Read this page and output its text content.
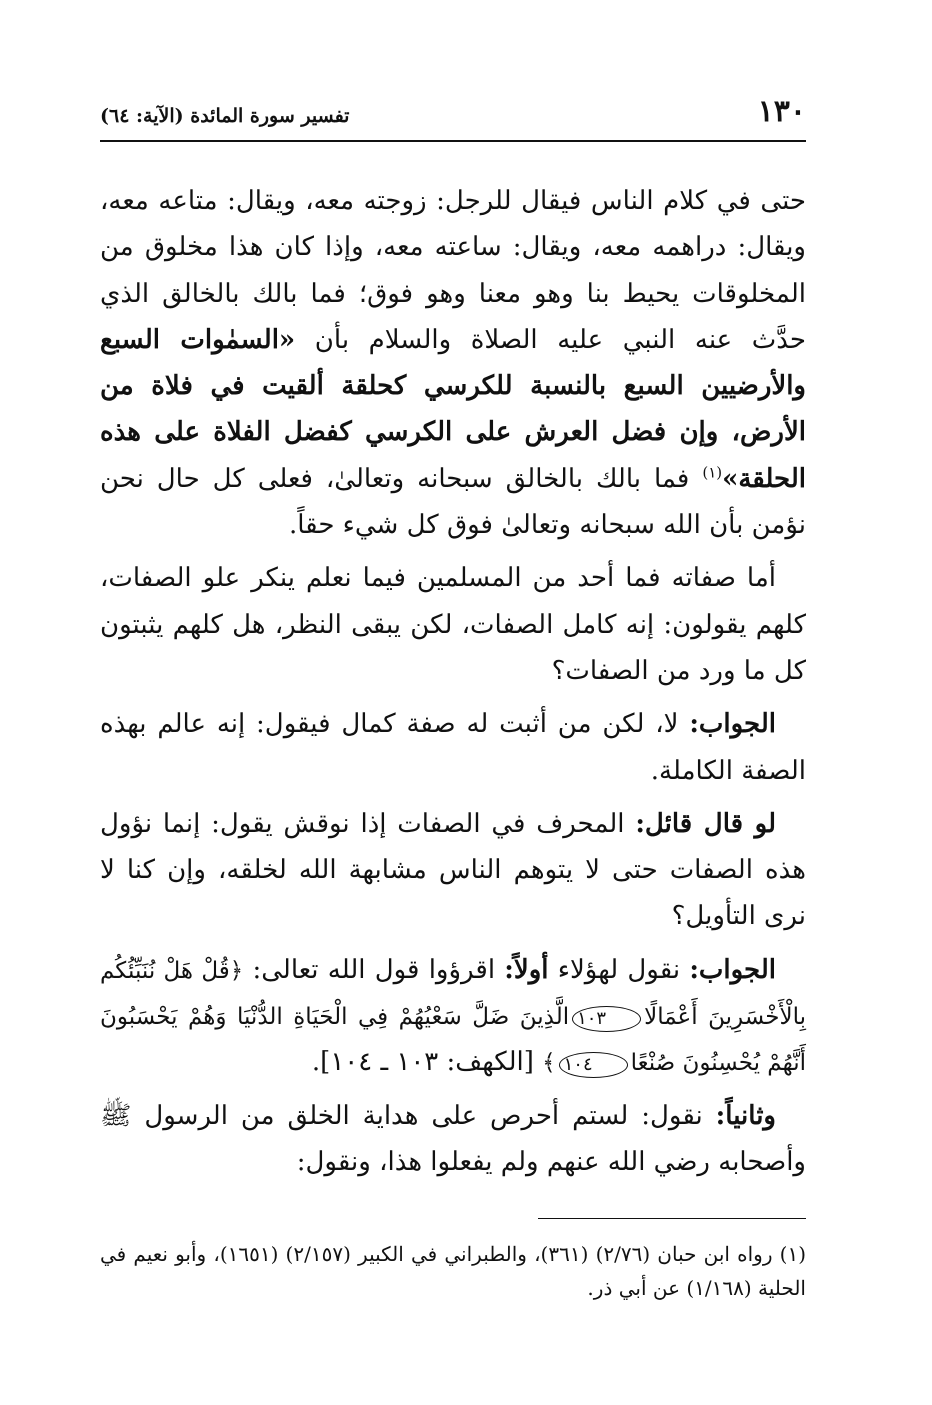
١٣٠
تفسير سورة المائدة (الآية: ٦٤)

حتى في كلام الناس فيقال للرجل: زوجته معه، ويقال: متاعه معه، ويقال: دراهمه معه، ويقال: ساعته معه، وإذا كان هذا مخلوق من المخلوقات يحيط بنا وهو معنا وهو فوق؛ فما بالك بالخالق الذي حدَّث عنه النبي عليه الصلاة والسلام بأن «السمٰوات السبع والأرضيين السبع بالنسبة للكرسي كحلقة ألقيت في فلاة من الأرض، وإن فضل العرش على الكرسي كفضل الفلاة على هذه الحلقة»$^{(١)}$ فما بالك بالخالق سبحانه وتعالىٰ، فعلى كل حال نحن نؤمن بأن الله سبحانه وتعالىٰ فوق كل شيء حقاً.

أما صفاته فما أحد من المسلمين فيما نعلم ينكر علو الصفات، كلهم يقولون: إنه كامل الصفات، لكن يبقى النظر، هل كلهم يثبتون كل ما ورد من الصفات؟

الجواب: لا، لكن من أثبت له صفة كمال فيقول: إنه عالم بهذه الصفة الكاملة.

لو قال قائل: المحرف في الصفات إذا نوقش يقول: إنما نؤول هذه الصفات حتى لا يتوهم الناس مشابهة الله لخلقه، وإن كنا لا نرى التأويل؟

الجواب: نقول لهؤلاء أولاً: اقرؤوا قول الله تعالى: ﴿قُلْ هَلْ نُنَبِّئُكُم بِالْأَخْسَرِينَ أَعْمَالًا١٠٣الَّذِينَ ضَلَّ سَعْيُهُمْ فِي الْحَيَاةِ الدُّنْيَا وَهُمْ يَحْسَبُونَ أَنَّهُمْ يُحْسِنُونَ صُنْعًا١٠٤﴾ [الكهف: ١٠٣ ـ ١٠٤].

وثانياً: نقول: لستم أحرص على هداية الخلق من الرسول ﷺ وأصحابه رضي الله عنهم ولم يفعلوا هذا، ونقول:

(١) رواه ابن حبان (٢/٧٦) (٣٦١)، والطبراني في الكبير (٢/١٥٧) (١٦٥١)، وأبو نعيم في الحلية (١/١٦٨) عن أبي ذر.
